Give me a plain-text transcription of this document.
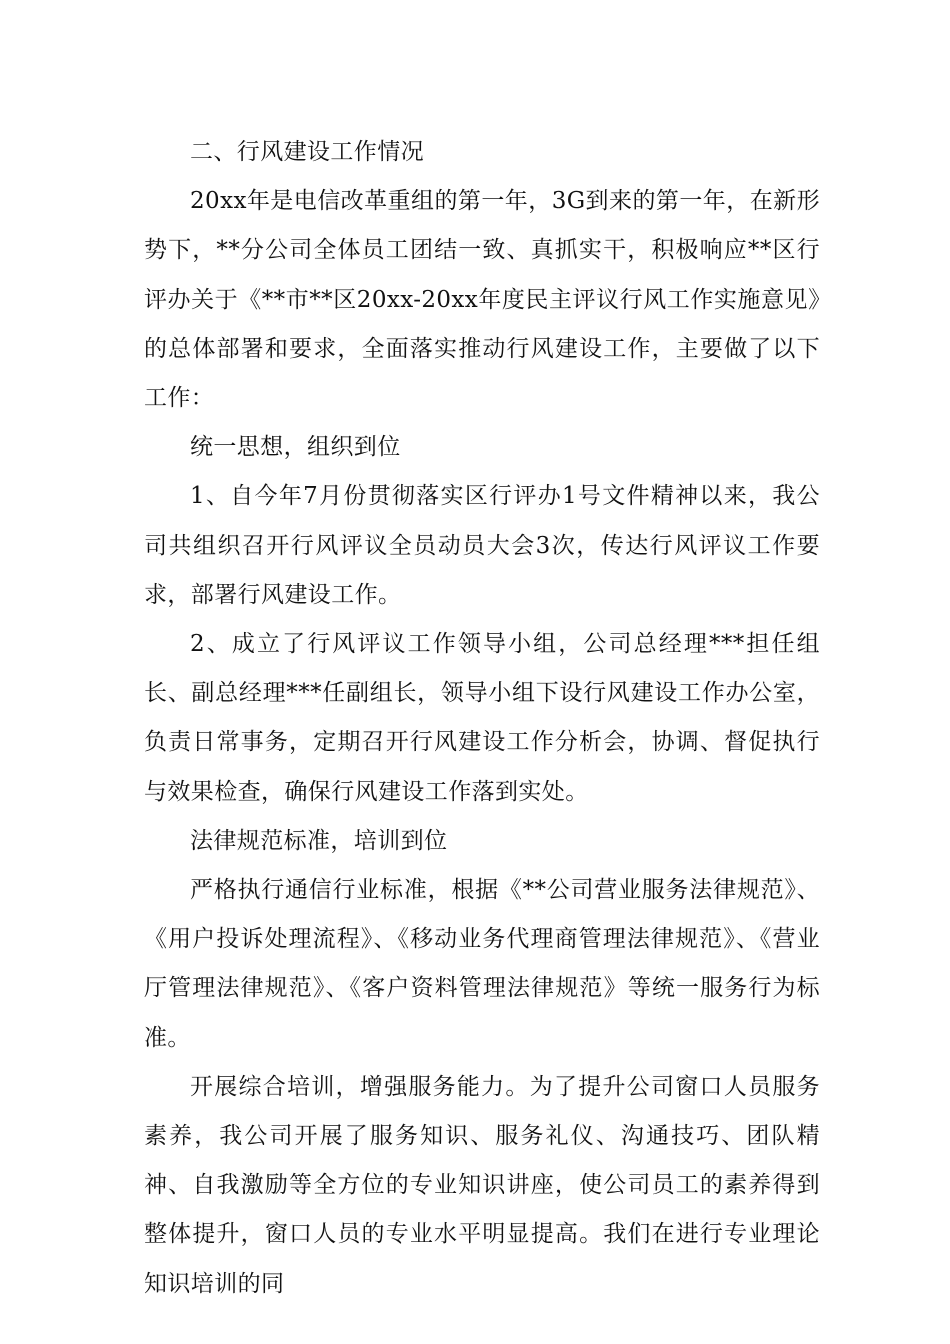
二、行风建设工作情况

20xx年是电信改革重组的第一年，3G到来的第一年，在新形势下，**分公司全体员工团结一致、真抓实干，积极响应**区行评办关于《**市**区20xx-20xx年度民主评议行风工作实施意见》的总体部署和要求，全面落实推动行风建设工作，主要做了以下工作：

统一思想，组织到位

1、自今年7月份贯彻落实区行评办1号文件精神以来，我公司共组织召开行风评议全员动员大会3次，传达行风评议工作要求，部署行风建设工作。

2、成立了行风评议工作领导小组，公司总经理***担任组长、副总经理***任副组长，领导小组下设行风建设工作办公室，负责日常事务，定期召开行风建设工作分析会，协调、督促执行与效果检查，确保行风建设工作落到实处。

法律规范标准，培训到位

严格执行通信行业标准，根据《**公司营业服务法律规范》、《用户投诉处理流程》、《移动业务代理商管理法律规范》、《营业厅管理法律规范》、《客户资料管理法律规范》等统一服务行为标准。

开展综合培训，增强服务能力。为了提升公司窗口人员服务素养，我公司开展了服务知识、服务礼仪、沟通技巧、团队精神、自我激励等全方位的专业知识讲座，使公司员工的素养得到整体提升，窗口人员的专业水平明显提高。我们在进行专业理论知识培训的同
